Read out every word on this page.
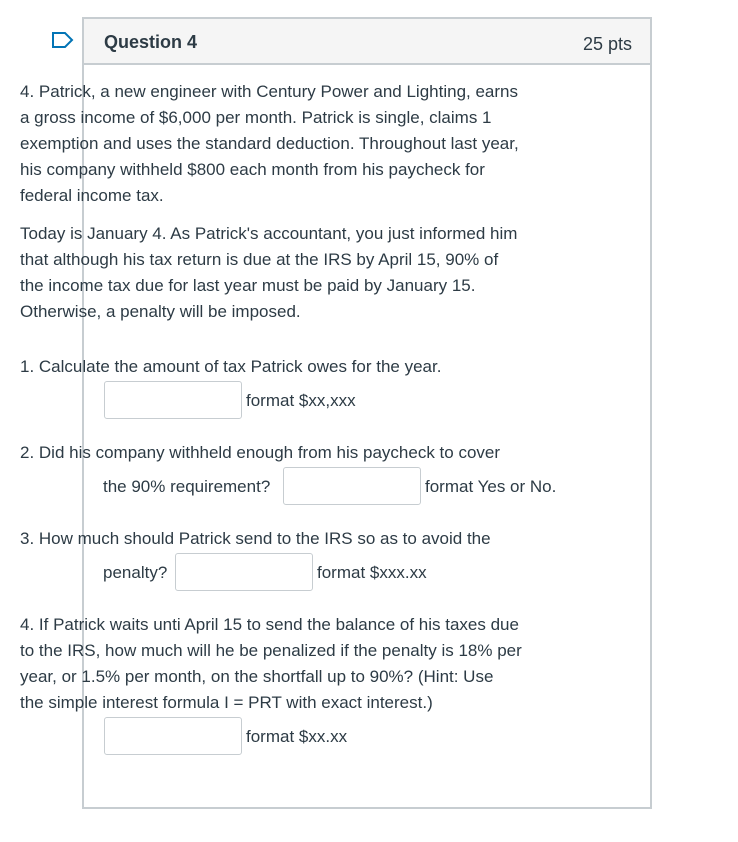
Question 4	25 pts

4. Patrick, a new engineer with Century Power and Lighting, earns
a gross income of $6,000 per month. Patrick is single, claims 1
exemption and uses the standard deduction. Throughout last year,
his company withheld $800 each month from his paycheck for
federal income tax.

Today is January 4. As Patrick's accountant, you just informed him
that although his tax return is due at the IRS by April 15, 90% of
the income tax due for last year must be paid by January 15.
Otherwise, a penalty will be imposed.

1. Calculate the amount of tax Patrick owes for the year.
format $xx,xxx
2. Did his company withheld enough from his paycheck to cover
the 90% requirement?	format Yes or No.
3. How much should Patrick send to the IRS so as to avoid the
penalty?	format $xxx.xx
4. If Patrick waits unti April 15 to send the balance of his taxes due
to the IRS, how much will he be penalized if the penalty is 18% per
year, or 1.5% per month, on the shortfall up to 90%? (Hint: Use
the simple interest formula I = PRT with exact interest.)
format $xx.xx
